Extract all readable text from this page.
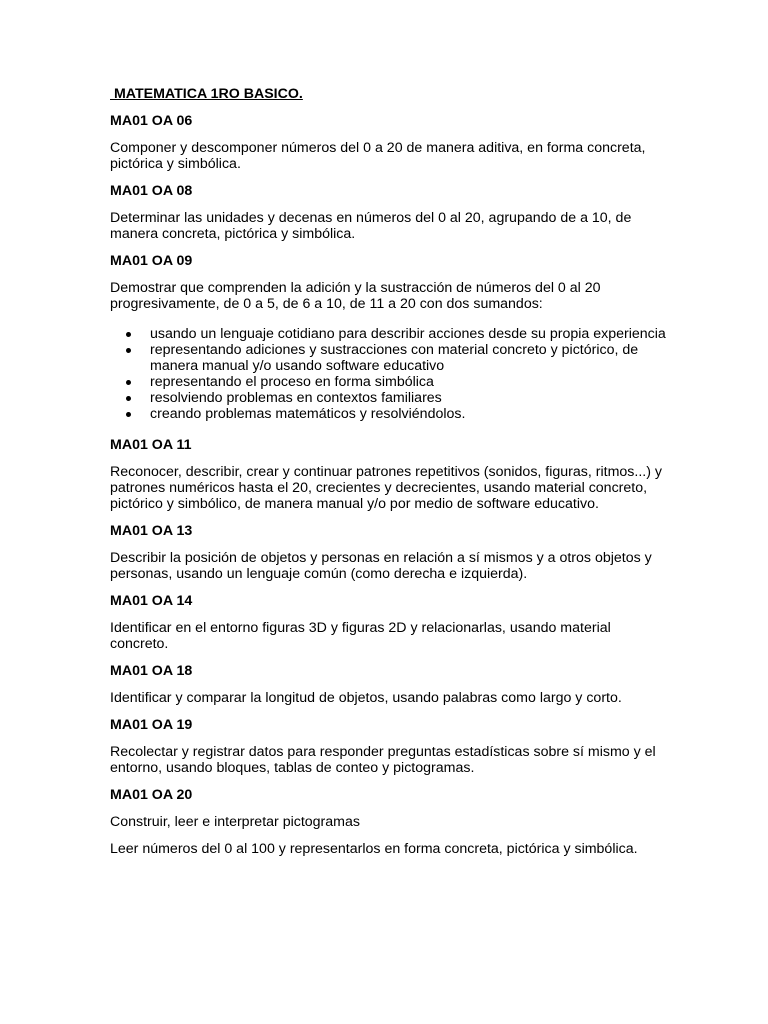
MATEMATICA 1RO BASICO.
MA01 OA 06
Componer y descomponer números del 0 a 20 de manera aditiva, en forma concreta, pictórica y simbólica.
MA01 OA 08
Determinar las unidades y decenas en números del 0 al 20, agrupando de a 10, de manera concreta, pictórica y simbólica.
MA01 OA 09
Demostrar que comprenden la adición y la sustracción de números del 0 al 20 progresivamente, de 0 a 5, de 6 a 10, de 11 a 20 con dos sumandos:
usando un lenguaje cotidiano para describir acciones desde su propia experiencia
representando adiciones y sustracciones con material concreto y pictórico, de manera manual y/o usando software educativo
representando el proceso en forma simbólica
resolviendo problemas en contextos familiares
creando problemas matemáticos y resolviéndolos.
MA01 OA 11
Reconocer, describir, crear y continuar patrones repetitivos (sonidos, figuras, ritmos...) y patrones numéricos hasta el 20, crecientes y decrecientes, usando material concreto, pictórico y simbólico, de manera manual y/o por medio de software educativo.
MA01 OA 13
Describir la posición de objetos y personas en relación a sí mismos y a otros objetos y personas, usando un lenguaje común (como derecha e izquierda).
MA01 OA 14
Identificar en el entorno figuras 3D y figuras 2D y relacionarlas, usando material concreto.
MA01 OA 18
Identificar y comparar la longitud de objetos, usando palabras como largo y corto.
MA01 OA 19
Recolectar y registrar datos para responder preguntas estadísticas sobre sí mismo y el entorno, usando bloques, tablas de conteo y pictogramas.
MA01 OA 20
Construir, leer e interpretar pictogramas
Leer números del 0 al 100 y representarlos en forma concreta, pictórica y simbólica.
